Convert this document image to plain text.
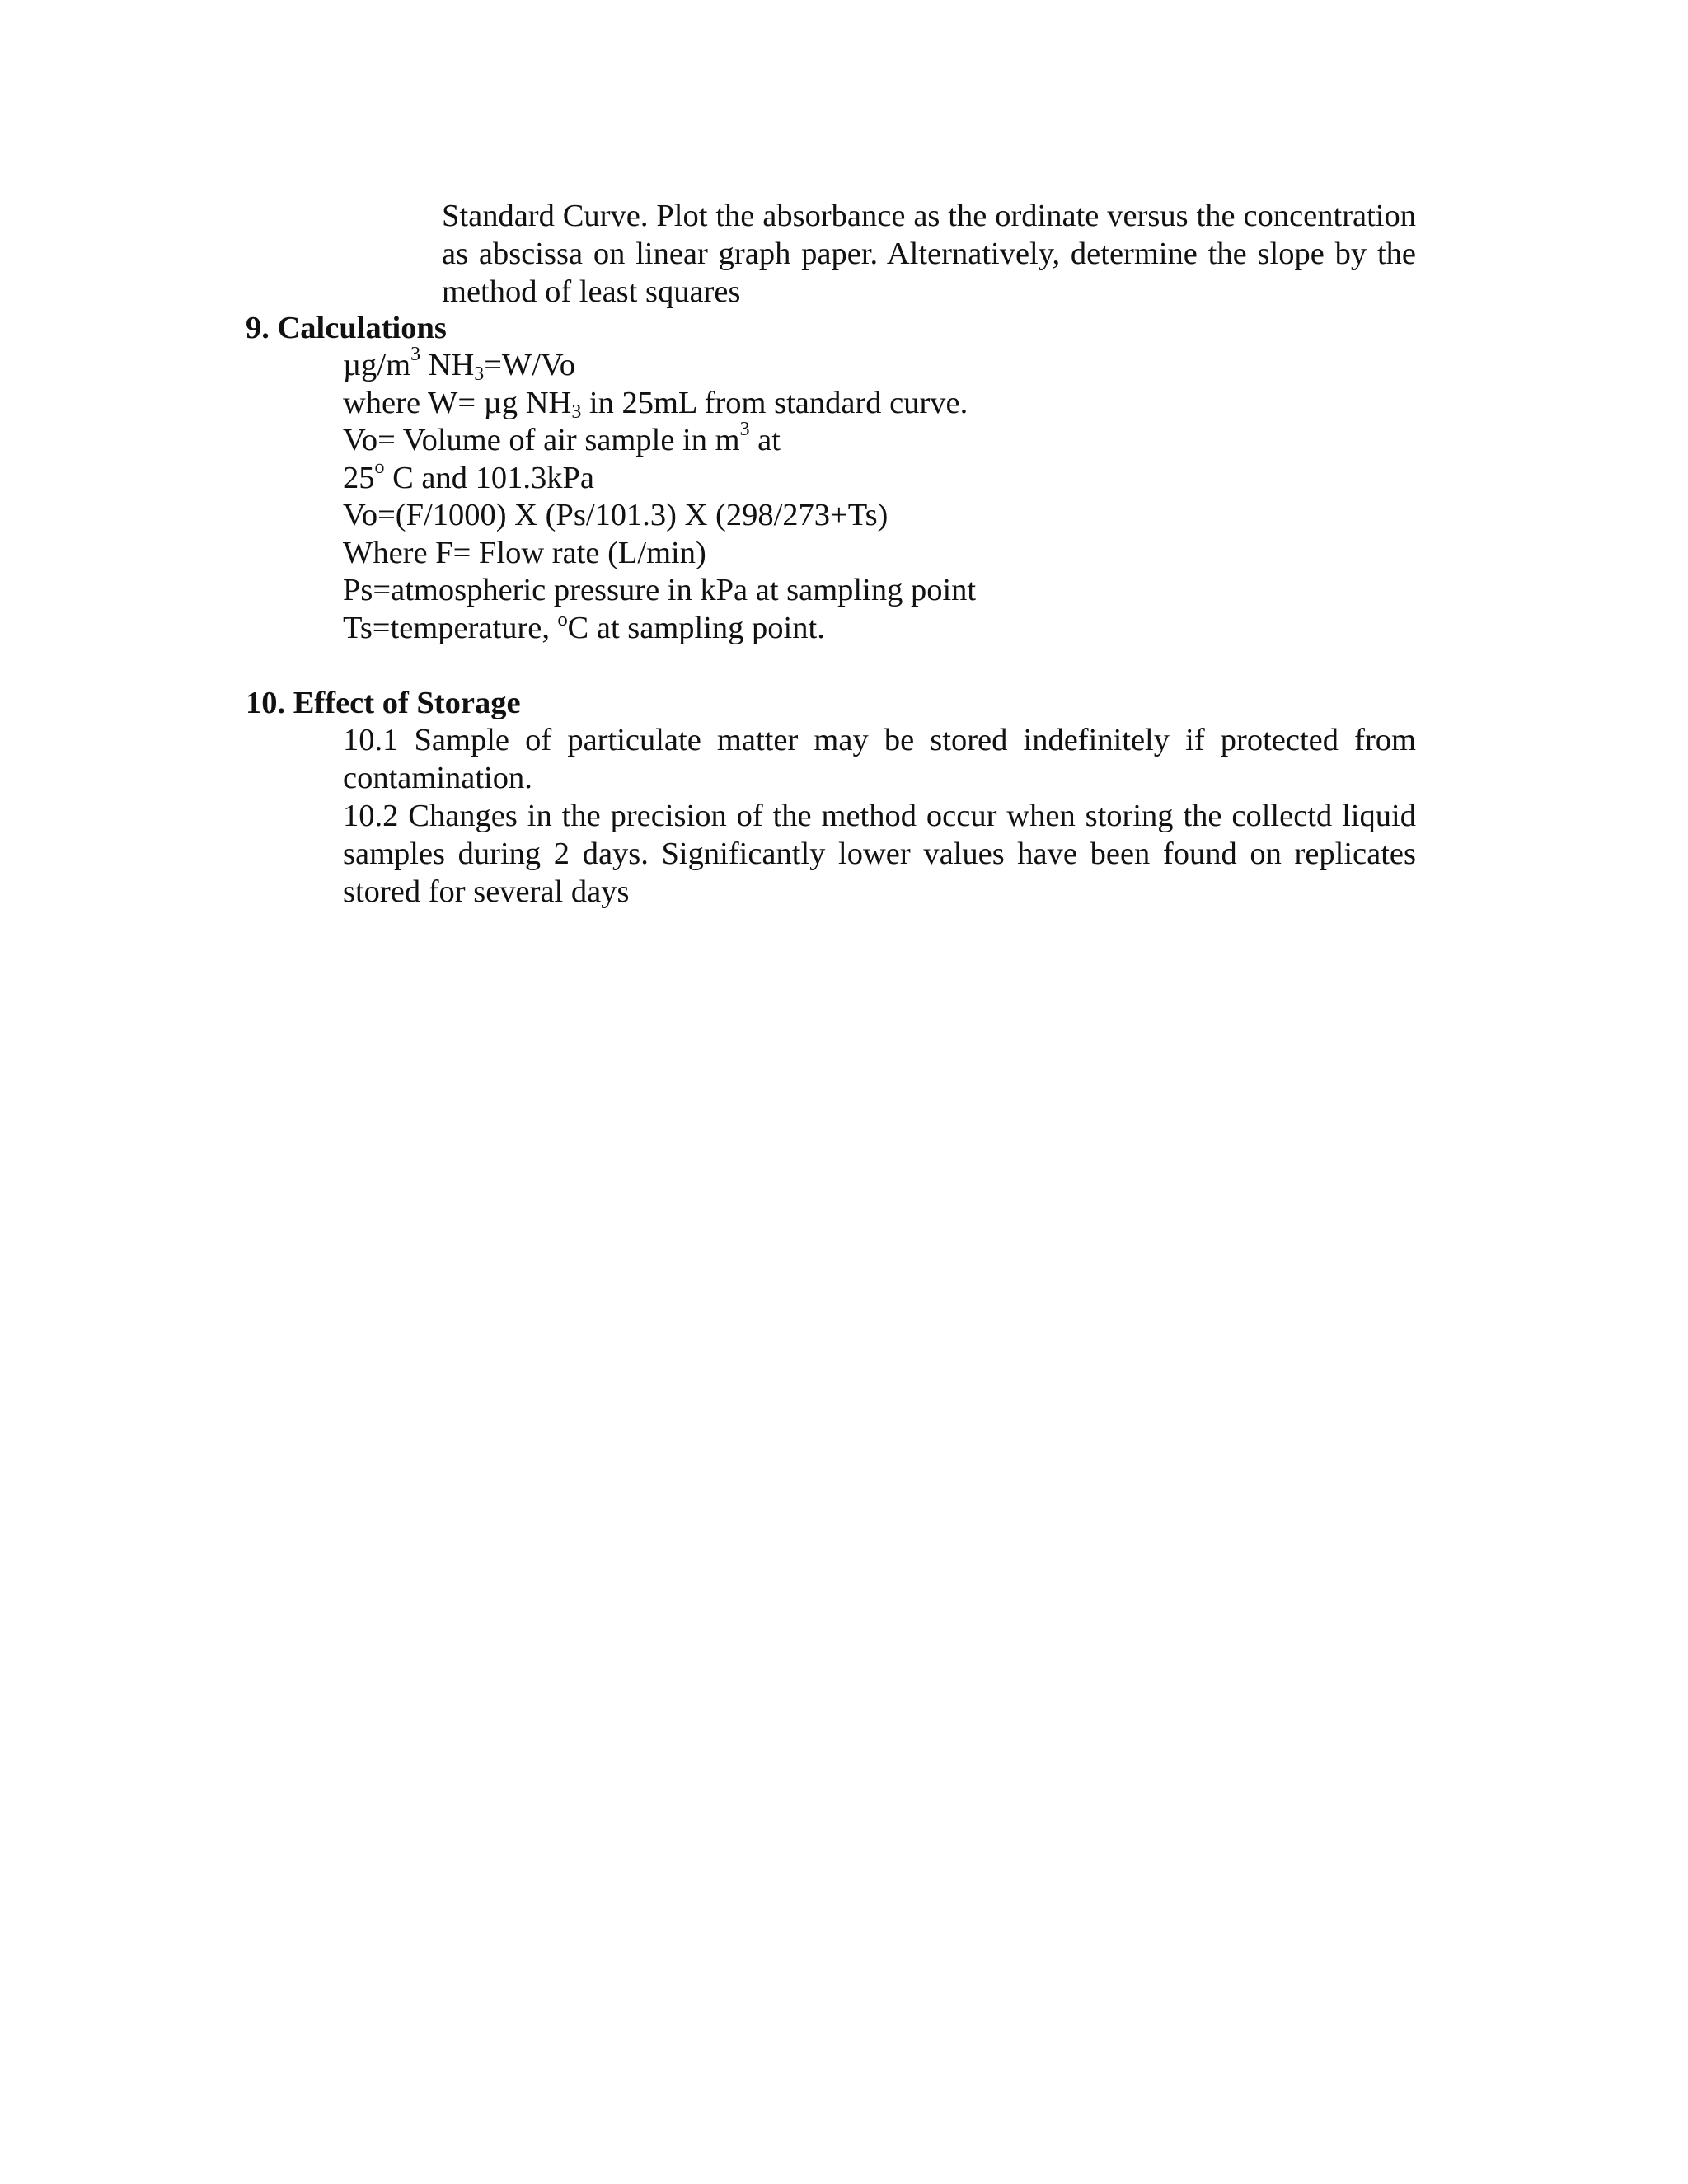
Standard Curve. Plot the absorbance as the ordinate versus the concentration as abscissa on linear graph paper. Alternatively, determine the slope by the method of least squares
9. Calculations
$\mu g/m^3$ $NH_3=W/Vo$
where W= µg $NH_3$ in 25mL from standard curve.
Vo= Volume of air sample in $m^3$ at
25$^o$ C and 101.3kPa
Vo=(F/1000) X (Ps/101.3) X (298/273+Ts)
Where F= Flow rate (L/min)
Ps=atmospheric pressure in kPa at sampling point
Ts=temperature, ºC at sampling point.
10. Effect of Storage
10.1 Sample of particulate matter may be stored indefinitely if protected from contamination.
10.2 Changes in the precision of the method occur when storing the collectd liquid samples during 2 days. Significantly lower values have been found on replicates stored for several days
